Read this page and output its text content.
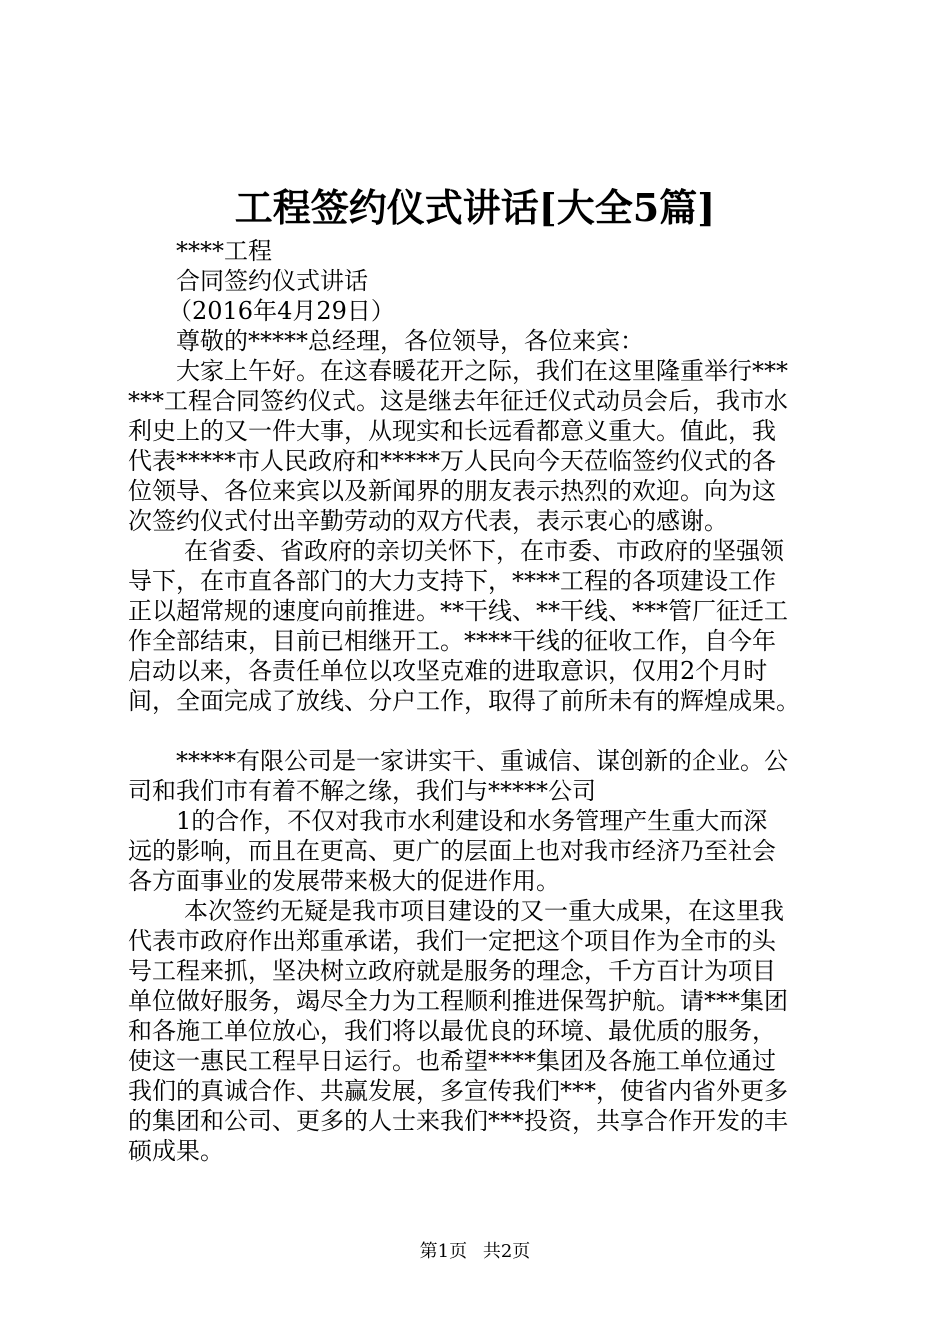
工程签约仪式讲话[大全5篇]
****工程
合同签约仪式讲话
（2016年4月29日）
尊敬的*****总经理，各位领导，各位来宾：
大家上午好。在这春暖花开之际，我们在这里隆重举行***
***工程合同签约仪式。这是继去年征迁仪式动员会后，我市水
利史上的又一件大事，从现实和长远看都意义重大。值此，我
代表*****市人民政府和*****万人民向今天莅临签约仪式的各
位领导、各位来宾以及新闻界的朋友表示热烈的欢迎。向为这
次签约仪式付出辛勤劳动的双方代表，表示衷心的感谢。
在省委、省政府的亲切关怀下，在市委、市政府的坚强领
导下，在市直各部门的大力支持下，****工程的各项建设工作
正以超常规的速度向前推进。**干线、**干线、***管厂征迁工
作全部结束，目前已相继开工。****干线的征收工作，自今年
启动以来，各责任单位以攻坚克难的进取意识，仅用2个月时
间，全面完成了放线、分户工作，取得了前所未有的辉煌成果。
*****有限公司是一家讲实干、重诚信、谋创新的企业。公
司和我们市有着不解之缘，我们与*****公司
1的合作，不仅对我市水利建设和水务管理产生重大而深
远的影响，而且在更高、更广的层面上也对我市经济乃至社会
各方面事业的发展带来极大的促进作用。
本次签约无疑是我市项目建设的又一重大成果，在这里我
代表市政府作出郑重承诺，我们一定把这个项目作为全市的头
号工程来抓，坚决树立政府就是服务的理念，千方百计为项目
单位做好服务，竭尽全力为工程顺利推进保驾护航。请***集团
和各施工单位放心，我们将以最优良的环境、最优质的服务，
使这一惠民工程早日运行。也希望****集团及各施工单位通过
我们的真诚合作、共赢发展，多宣传我们***，使省内省外更多
的集团和公司、更多的人士来我们***投资，共享合作开发的丰
硕成果。
第1页 共2页
